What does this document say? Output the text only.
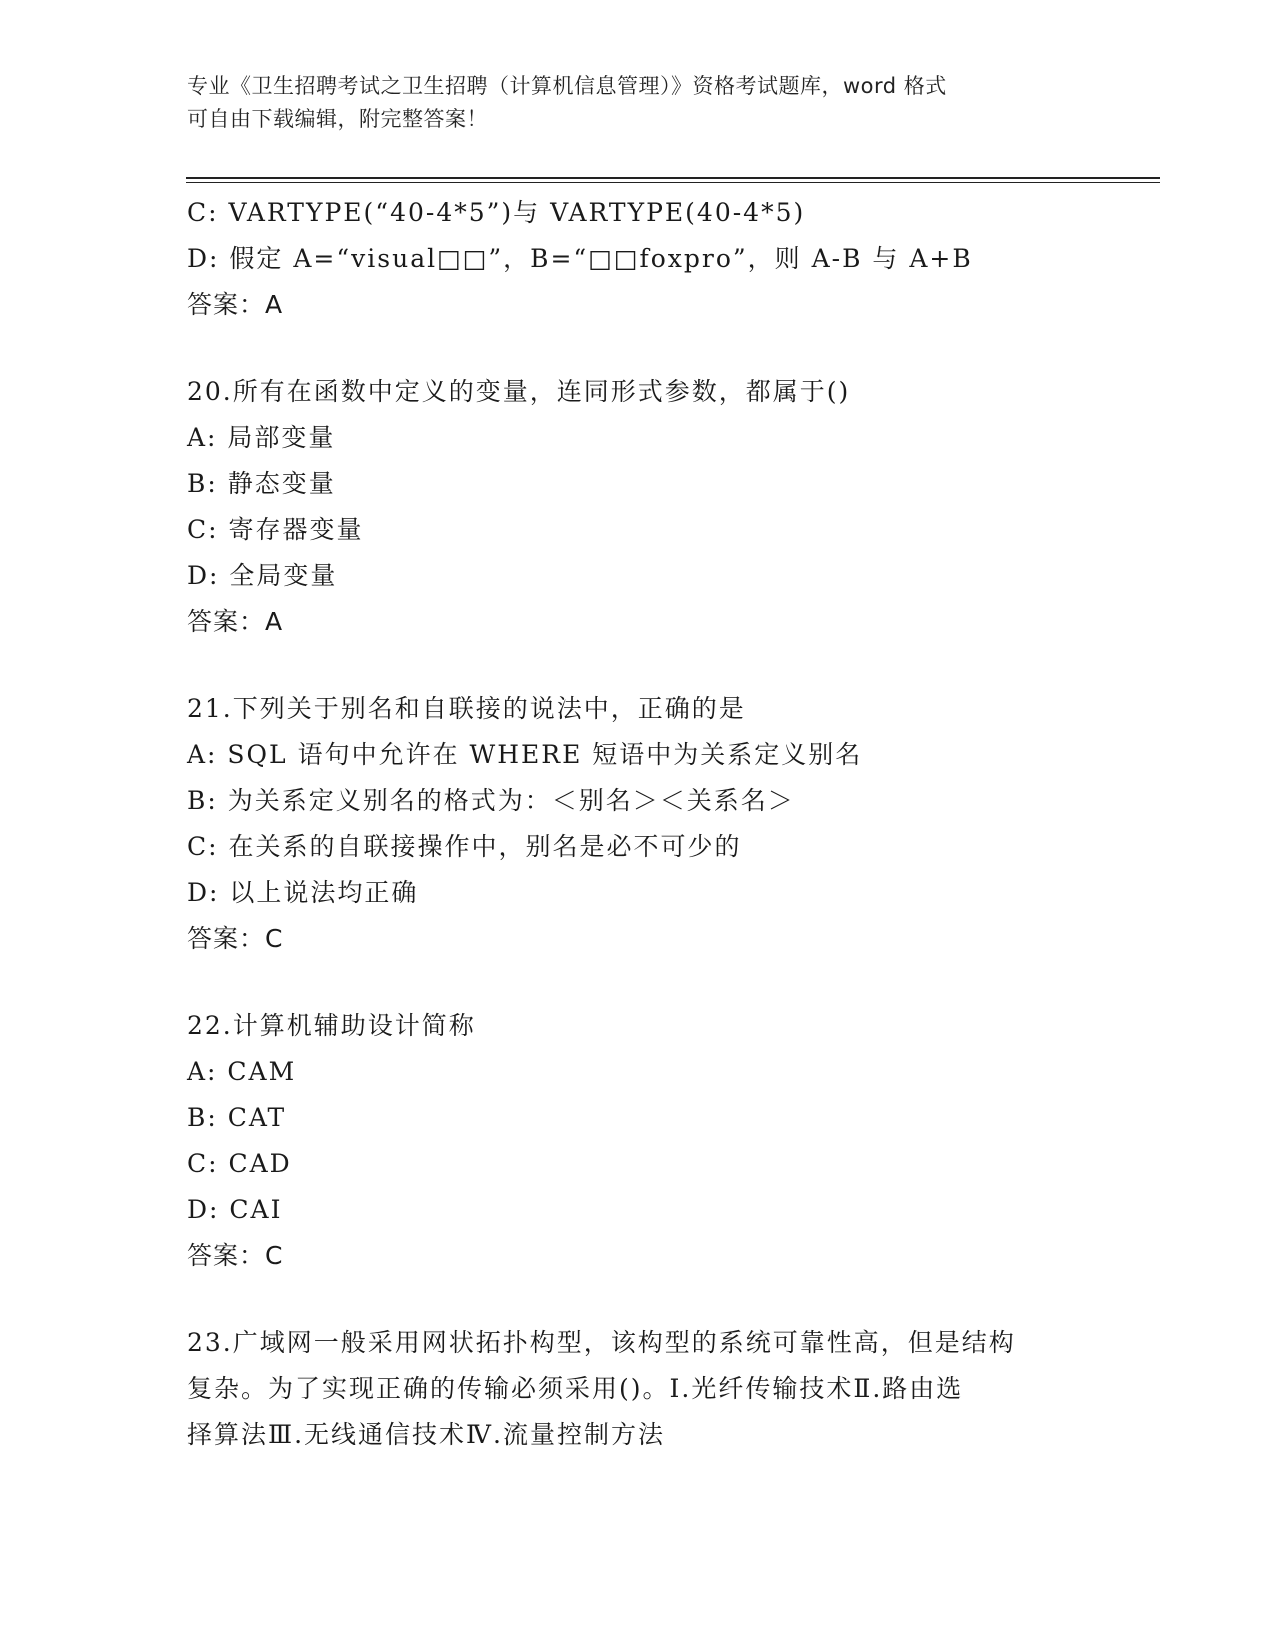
专业《卫生招聘考试之卫生招聘（计算机信息管理）》资格考试题库，word 格式
可自由下载编辑，附完整答案！
C: VARTYPE(“40-4*5”)与 VARTYPE(40-4*5)
D: 假定 A=“visual□□”，B=“□□foxpro”，则 A-B 与 A+B
答案：A
20.所有在函数中定义的变量，连同形式参数，都属于()
A: 局部变量
B: 静态变量
C: 寄存器变量
D: 全局变量
答案：A
21.下列关于别名和自联接的说法中，正确的是
A: SQL 语句中允许在 WHERE 短语中为关系定义别名
B: 为关系定义别名的格式为：＜别名＞＜关系名＞
C: 在关系的自联接操作中，别名是必不可少的
D: 以上说法均正确
答案：C
22.计算机辅助设计简称
A: CAM
B: CAT
C: CAD
D: CAI
答案：C
23.广域网一般采用网状拓扑构型，该构型的系统可靠性高，但是结构
复杂。为了实现正确的传输必须采用()。Ⅰ.光纤传输技术Ⅱ.路由选
择算法Ⅲ.无线通信技术Ⅳ.流量控制方法
